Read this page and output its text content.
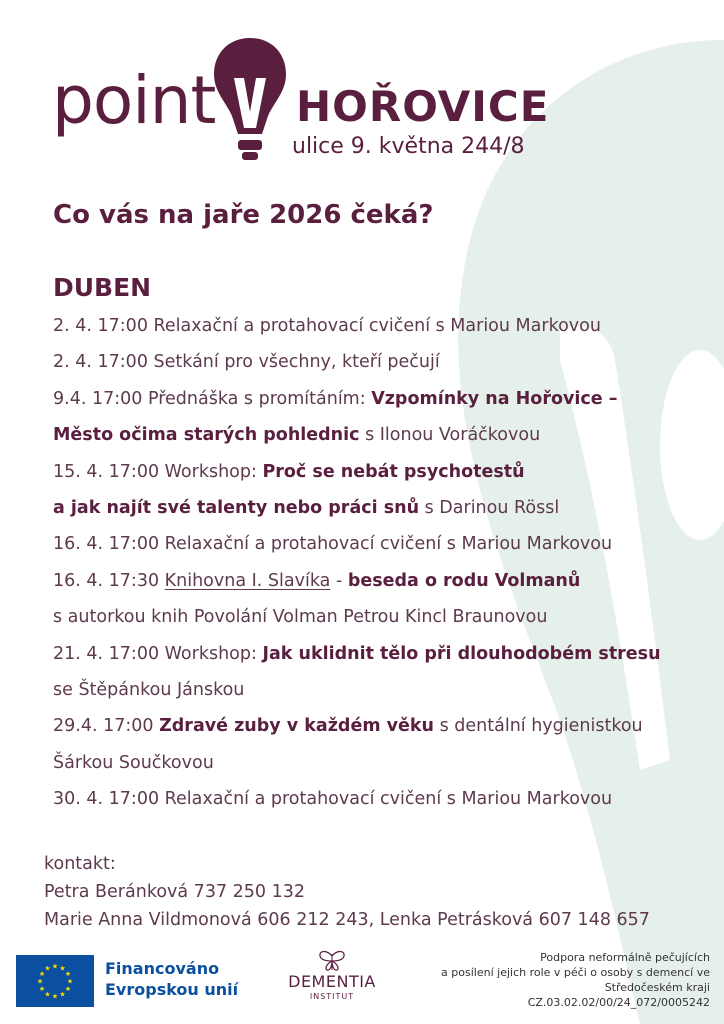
point HOŘOVICE
ulice 9. května 244/8
Co vás na jaře 2026 čeká?
DUBEN
2. 4. 17:00 Relaxační a protahovací cvičení s Mariou Markovou
2. 4. 17:00 Setkání pro všechny, kteří pečují
9.4. 17:00 Přednáška s promítáním: Vzpomínky na Hořovice –
Město očima starých pohlednic s Ilonou Voráčkovou
15. 4. 17:00 Workshop: Proč se nebát psychotestů
a jak najít své talenty nebo práci snů s Darinou Rössl
16. 4. 17:00 Relaxační a protahovací cvičení s Mariou Markovou
16. 4. 17:30 Knihovna I. Slavíka - beseda o rodu Volmanů
s autorkou knih Povolání Volman Petrou Kincl Braunovou
21. 4. 17:00 Workshop: Jak uklidnit tělo při dlouhodobém stresu
se Štěpánkou Jánskou
29.4. 17:00 Zdravé zuby v každém věku s dentální hygienistkou
Šárkou Součkovou
30. 4. 17:00 Relaxační a protahovací cvičení s Mariou Markovou
kontakt:
Petra Beránková 737 250 132
Marie Anna Vildmonová 606 212 243, Lenka Petrásková 607 148 657
★
★
★
★
★
★
★
★
★ ★ ★
★ Financováno
Evropskou unií	DEMENTIA
INSTITUT
Podpora neformálně pečujících
a posílení jejich role v péči o osoby s demencí ve
Středočeském kraji
CZ.03.02.02/00/24_072/0005242
